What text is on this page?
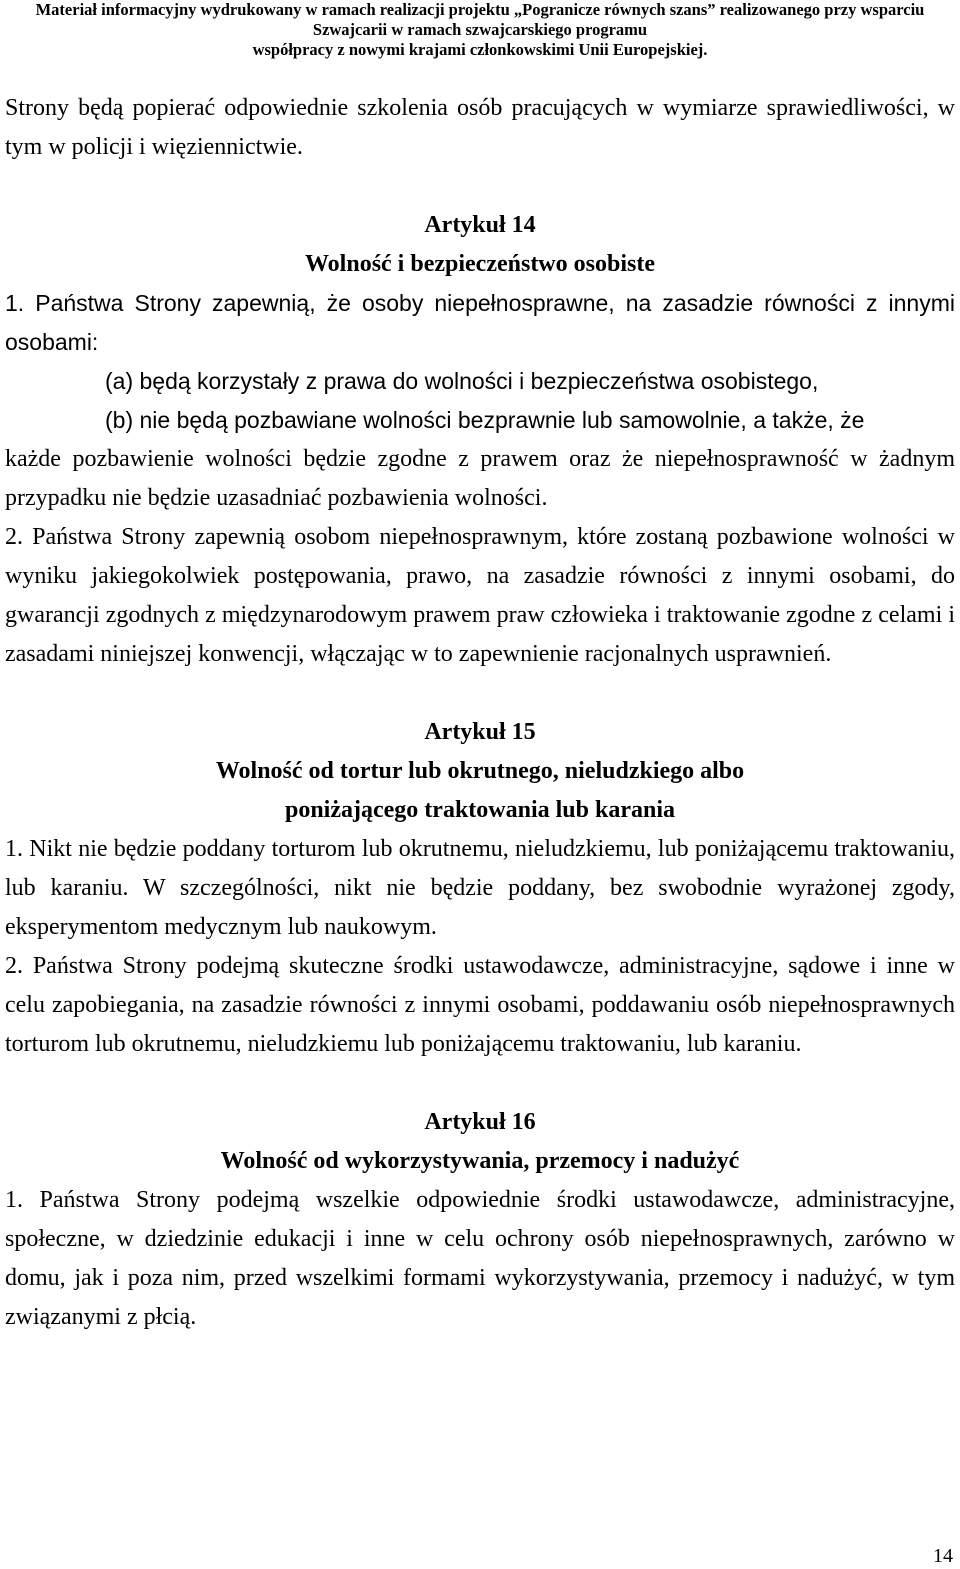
Materiał informacyjny wydrukowany w ramach realizacji projektu „Pogranicze równych szans” realizowanego przy wsparciu
Szwajcarii w ramach szwajcarskiego programu
współpracy z nowymi krajami członkowskimi Unii Europejskiej.

Strony będą popierać odpowiednie szkolenia osób pracujących w wymiarze sprawiedliwości, w tym w policji i więziennictwie.

Artykuł 14

Wolność i bezpieczeństwo osobiste

1. Państwa Strony zapewnią, że osoby niepełnosprawne, na zasadzie równości z innymi osobami:

(a) będą korzystały z prawa do wolności i bezpieczeństwa osobistego,

(b) nie będą pozbawiane wolności bezprawnie lub samowolnie, a także, że

każde pozbawienie wolności będzie zgodne z prawem oraz że niepełnosprawność w żadnym przypadku nie będzie uzasadniać pozbawienia wolności.

2. Państwa Strony zapewnią osobom niepełnosprawnym, które zostaną pozbawione wolności w wyniku jakiegokolwiek postępowania, prawo, na zasadzie równości z innymi osobami, do gwarancji zgodnych z międzynarodowym prawem praw człowieka i traktowanie zgodne z celami i zasadami niniejszej konwencji, włączając w to zapewnienie racjonalnych usprawnień.

Artykuł 15

Wolność od tortur lub okrutnego, nieludzkiego albo

poniżającego traktowania lub karania

1. Nikt nie będzie poddany torturom lub okrutnemu, nieludzkiemu, lub poniżającemu traktowaniu, lub karaniu. W szczególności, nikt nie będzie poddany, bez swobodnie wyrażonej zgody, eksperymentom medycznym lub naukowym.

2. Państwa Strony podejmą skuteczne środki ustawodawcze, administracyjne, sądowe i inne w celu zapobiegania, na zasadzie równości z innymi osobami, poddawaniu osób niepełnosprawnych torturom lub okrutnemu, nieludzkiemu lub poniżającemu traktowaniu, lub karaniu.

Artykuł 16

Wolność od wykorzystywania, przemocy i nadużyć

1. Państwa Strony podejmą wszelkie odpowiednie środki ustawodawcze, administracyjne, społeczne, w dziedzinie edukacji i inne w celu ochrony osób niepełnosprawnych, zarówno w domu, jak i poza nim, przed wszelkimi formami wykorzystywania, przemocy i nadużyć, w tym związanymi z płcią.

14
